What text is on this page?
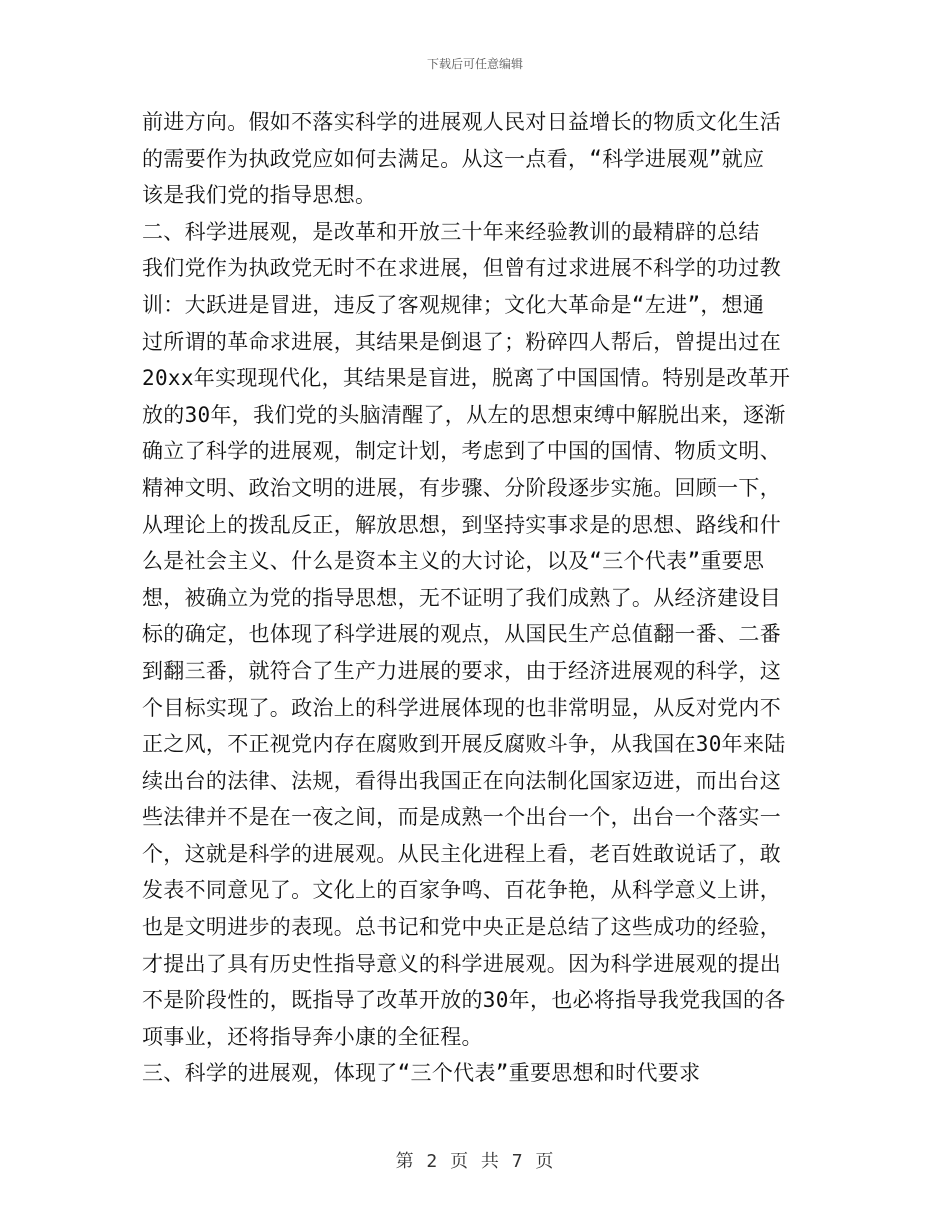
下载后可任意编辑
前进方向。假如不落实科学的进展观人民对日益增长的物质文化生活
的需要作为执政党应如何去满足。从这一点看，“科学进展观”就应
该是我们党的指导思想。
二、科学进展观，是改革和开放三十年来经验教训的最精辟的总结
我们党作为执政党无时不在求进展，但曾有过求进展不科学的功过教
训：大跃进是冒进，违反了客观规律；文化大革命是“左进”，想通
过所谓的革命求进展，其结果是倒退了；粉碎四人帮后，曾提出过在
20xx年实现现代化，其结果是盲进，脱离了中国国情。特别是改革开
放的30年，我们党的头脑清醒了，从左的思想束缚中解脱出来，逐渐
确立了科学的进展观，制定计划，考虑到了中国的国情、物质文明、
精神文明、政治文明的进展，有步骤、分阶段逐步实施。回顾一下，
从理论上的拨乱反正，解放思想，到坚持实事求是的思想、路线和什
么是社会主义、什么是资本主义的大讨论，以及“三个代表”重要思
想，被确立为党的指导思想，无不证明了我们成熟了。从经济建设目
标的确定，也体现了科学进展的观点，从国民生产总值翻一番、二番
到翻三番，就符合了生产力进展的要求，由于经济进展观的科学，这
个目标实现了。政治上的科学进展体现的也非常明显，从反对党内不
正之风，不正视党内存在腐败到开展反腐败斗争，从我国在30年来陆
续出台的法律、法规，看得出我国正在向法制化国家迈进，而出台这
些法律并不是在一夜之间，而是成熟一个出台一个，出台一个落实一
个，这就是科学的进展观。从民主化进程上看，老百姓敢说话了，敢
发表不同意见了。文化上的百家争鸣、百花争艳，从科学意义上讲，
也是文明进步的表现。总书记和党中央正是总结了这些成功的经验，
才提出了具有历史性指导意义的科学进展观。因为科学进展观的提出
不是阶段性的，既指导了改革开放的30年，也必将指导我党我国的各
项事业，还将指导奔小康的全征程。
三、科学的进展观，体现了“三个代表”重要思想和时代要求
第 2 页 共 7 页
